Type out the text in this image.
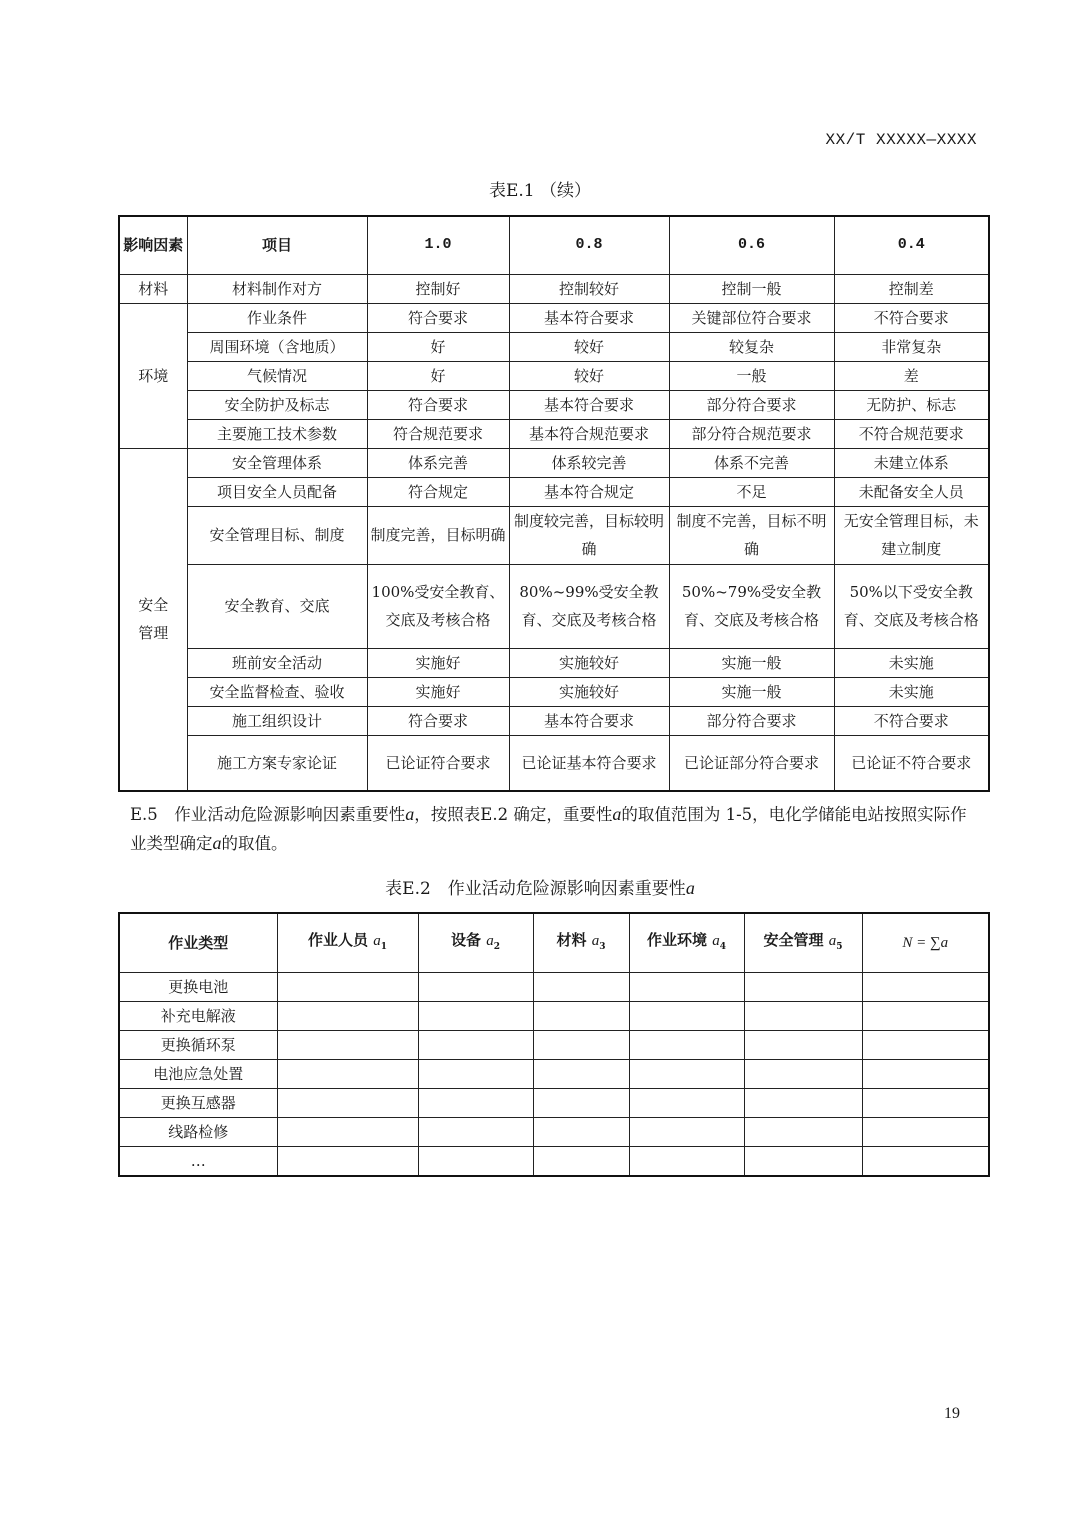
XX/T XXXXX—XXXX
表E.1 （续）
影响因素	项目	1.0	0.8	0.6	0.4
材料	材料制作对方	控制好	控制较好	控制一般	控制差
环境	作业条件	符合要求	基本符合要求	关键部位符合要求	不符合要求
	周围环境（含地质）	好	较好	较复杂	非常复杂
	气候情况	好	较好	一般	差
	安全防护及标志	符合要求	基本符合要求	部分符合要求	无防护、标志
	主要施工技术参数	符合规范要求	基本符合规范要求	部分符合规范要求	不符合规范要求
安全管理	安全管理体系	体系完善	体系较完善	体系不完善	未建立体系
	项目安全人员配备	符合规定	基本符合规定	不足	未配备安全人员
	安全管理目标、制度	制度完善，目标明确	制度较完善，目标较明确	制度不完善，目标不明确	无安全管理目标，未建立制度
	安全教育、交底	100%受安全教育、交底及考核合格	80%~99%受安全教育、交底及考核合格	50%~79%受安全教育、交底及考核合格	50%以下受安全教育、交底及考核合格
	班前安全活动	实施好	实施较好	实施一般	未实施
	安全监督检查、验收	实施好	实施较好	实施一般	未实施
	施工组织设计	符合要求	基本符合要求	部分符合要求	不符合要求
	施工方案专家论证	已论证符合要求	已论证基本符合要求	已论证部分符合要求	已论证不符合要求
E.5　作业活动危险源影响因素重要性a，按照表E.2 确定，重要性a的取值范围为 1-5，电化学储能电站按照实际作业类型确定a的取值。
表E.2　作业活动危险源影响因素重要性a
作业类型	作业人员 $a_1$	设备 $a_2$	材料 $a_3$	作业环境 $a_4$	安全管理 $a_5$	N = ∑a
更换电池						
补充电解液						
更换循环泵						
电池应急处置						
更换互感器						
线路检修						
…						
19
